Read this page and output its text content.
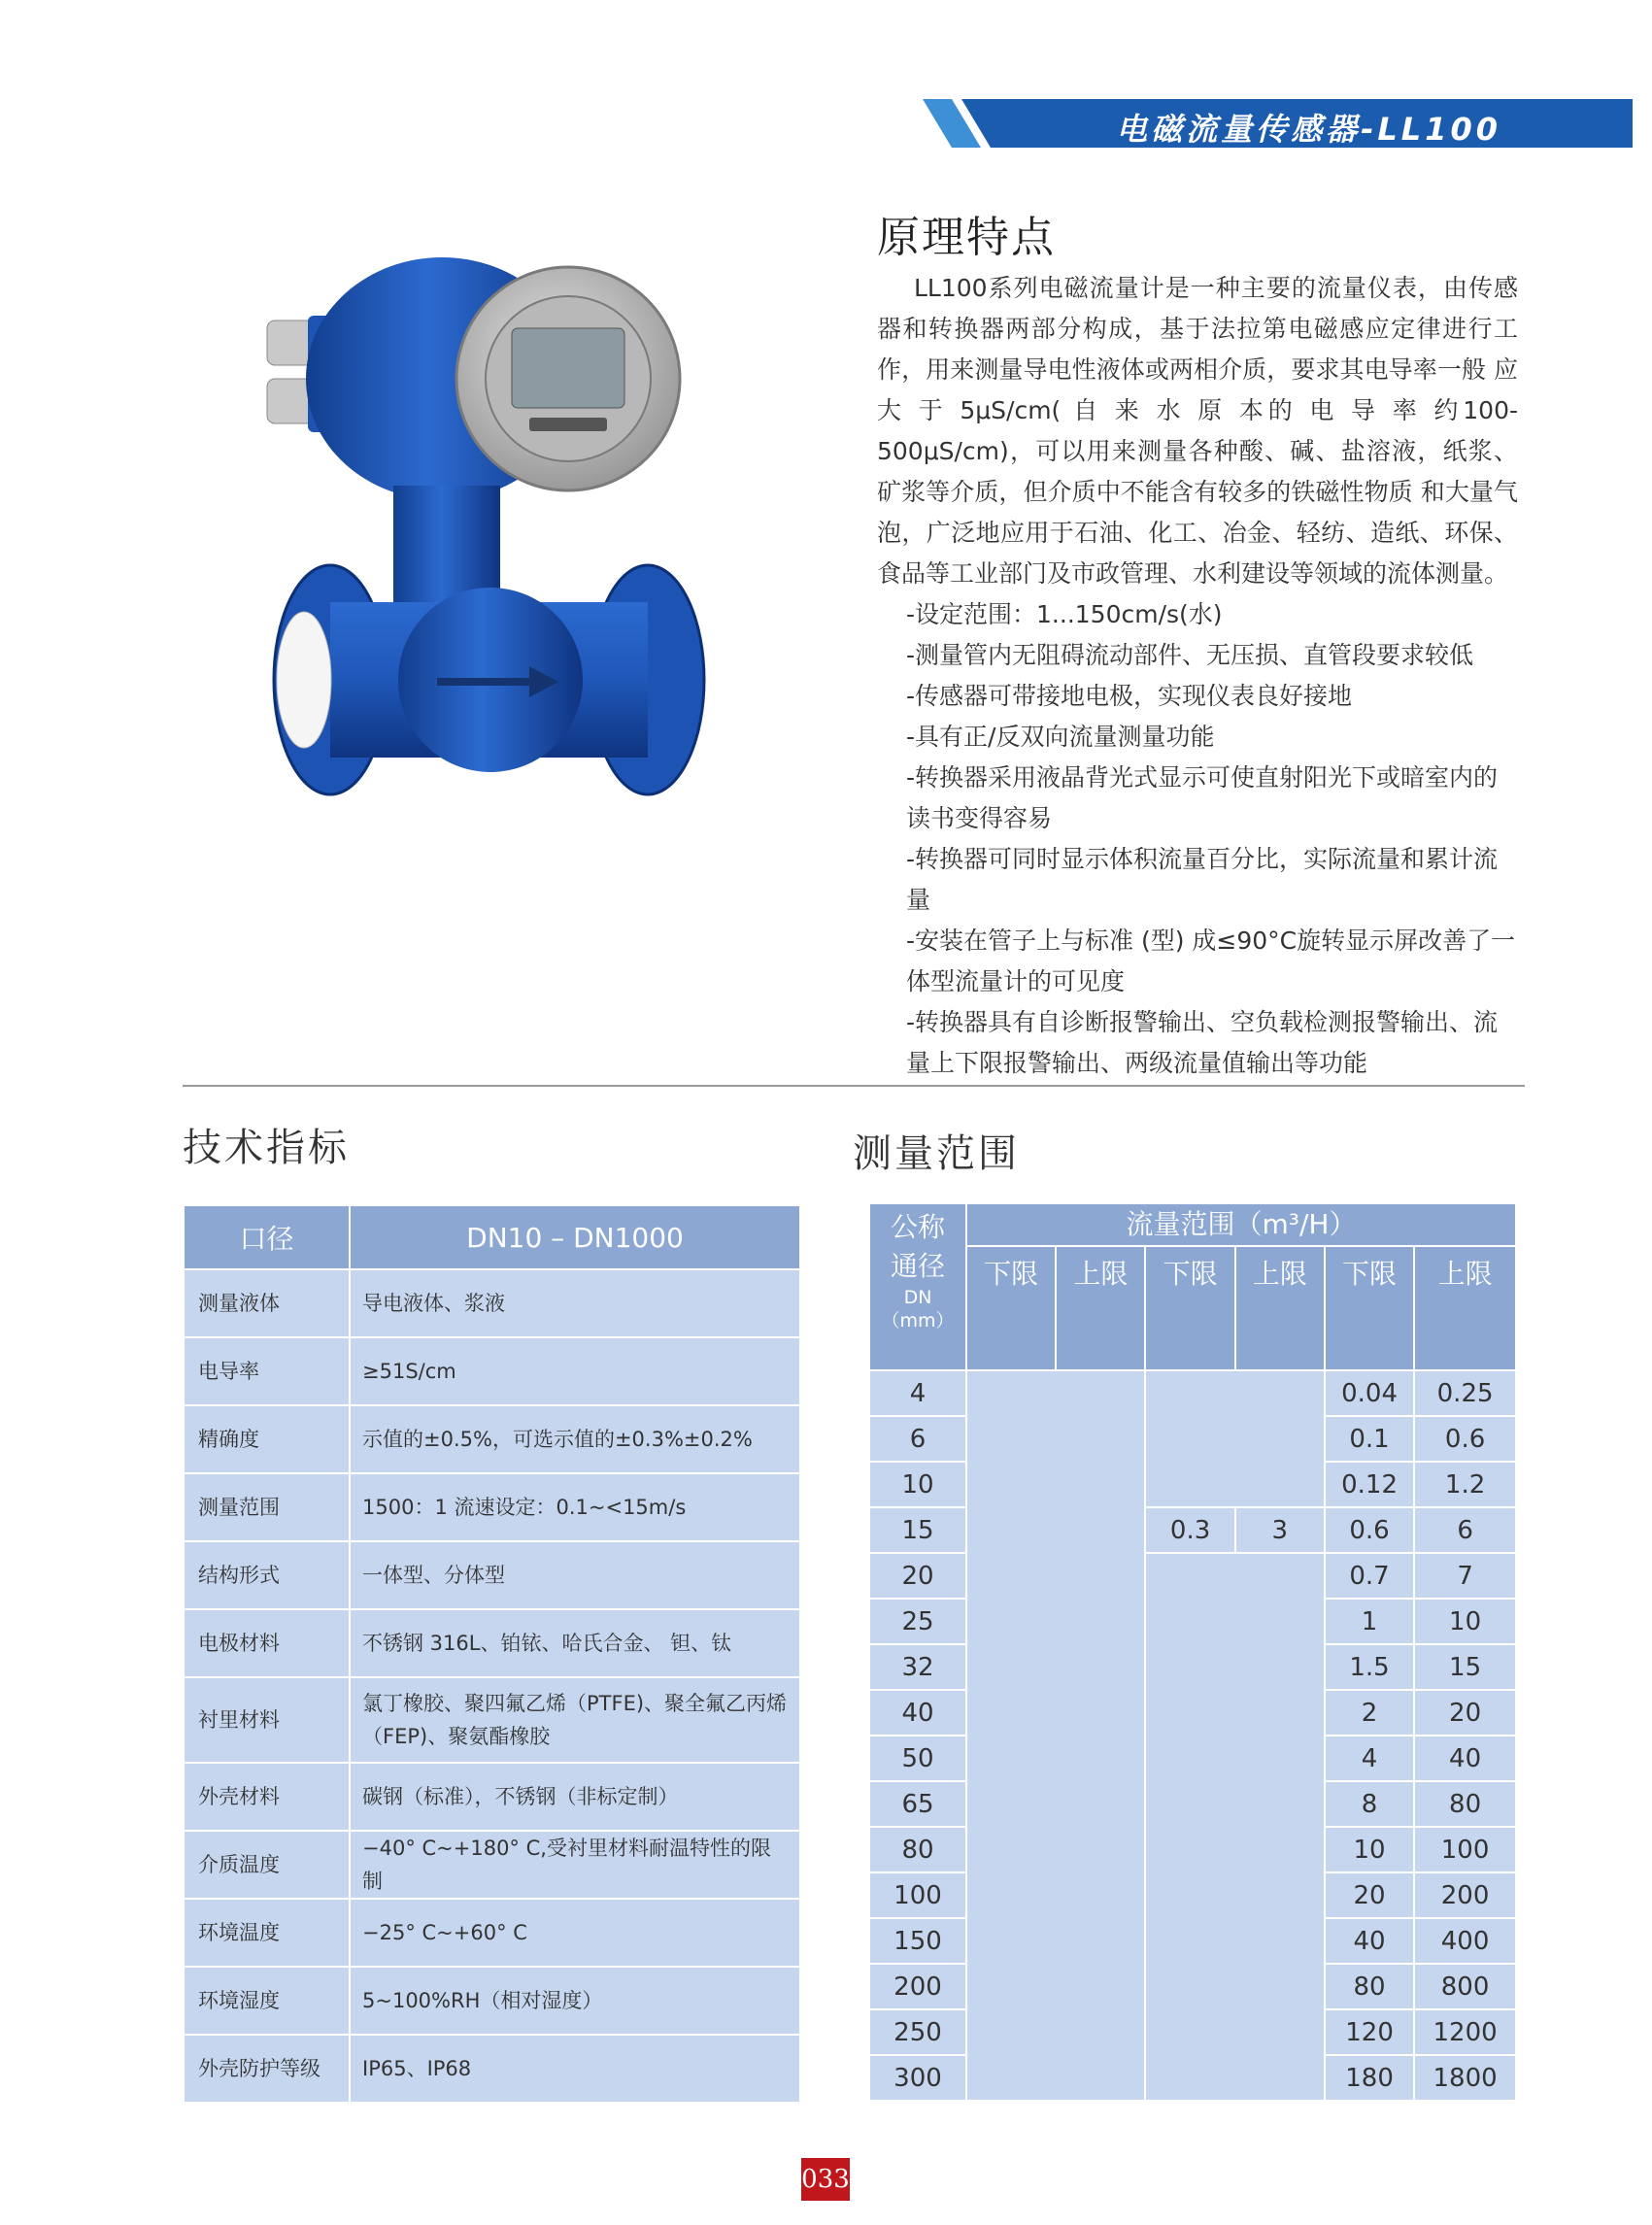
电磁流量传感器-LL100
原理特点

LL100系列电磁流量计是一种主要的流量仪表，由传感器和转换器两部分构成，基于法拉第电磁感应定律进行工作，用来测量导电性液体或两相介质，要求其电导率一般 应 大 于 5μS/cm( 自 来 水 原 本的 电 导 率 约100-500μS/cm)，可以用来测量各种酸、碱、盐溶液，纸浆、矿浆等介质，但介质中不能含有较多的铁磁性物质 和大量气泡，广泛地应用于石油、化工、冶金、轻纺、造纸、环保、食品等工业部门及市政管理、水利建设等领域的流体测量。

-设定范围：1...150cm/s(水)
-测量管内无阻碍流动部件、无压损、直管段要求较低
-传感器可带接地电极，实现仪表良好接地
-具有正/反双向流量测量功能
-转换器采用液晶背光式显示可使直射阳光下或暗室内的读书变得容易
-转换器可同时显示体积流量百分比，实际流量和累计流量
-安装在管子上与标准 (型) 成≤90°C旋转显示屏改善了一体型流量计的可见度
-转换器具有自诊断报警输出、空负载检测报警输出、流量上下限报警输出、两级流量值输出等功能
技术指标	测量范围
口径	DN10 – DN1000
测量液体	导电液体、浆液
电导率	≥51S/cm
精确度	示值的±0.5%，可选示值的±0.3%±0.2%
测量范围	1500：1 流速设定：0.1~<15m/s
结构形式	一体型、分体型
电极材料	不锈钢 316L、铂铱、哈氏合金、 钽、钛
衬里材料	氯丁橡胶、聚四氟乙烯（PTFE)、聚全氟乙丙烯（FEP)、聚氨酯橡胶
外壳材料	碳钢（标准），不锈钢（非标定制）
介质温度	−40° C~+180° C,受衬里材料耐温特性的限制
环境温度	−25° C~+60° C
环境湿度	5~100%RH（相对湿度）
外壳防护等级	IP65、IP68
公称
通径
DN
（mm）	流量范围（m³/H）					
	下限	上限	下限	上限	下限	上限
4					0.04	0.25
6					0.1	0.6
10					0.12	1.2
15			0.3	3	0.6	6
20					0.7	7
25					1	10
32					1.5	15
40					2	20
50					4	40
65					8	80
80					10	100
100					20	200
150					40	400
200					80	800
250					120	1200
300					180	1800
033
